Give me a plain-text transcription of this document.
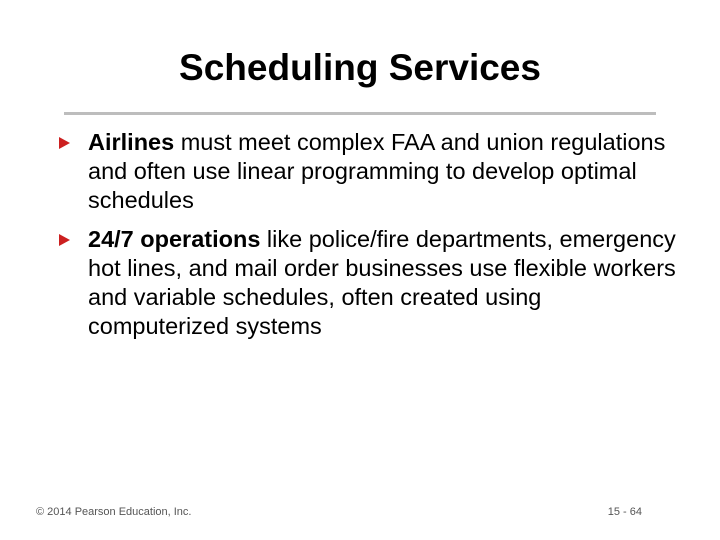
Scheduling Services
Airlines must meet complex FAA and union regulations and often use linear programming to develop optimal schedules
24/7 operations like police/fire departments, emergency hot lines, and mail order businesses use flexible workers and variable schedules, often created using computerized systems
© 2014 Pearson Education, Inc.	15 - 64
